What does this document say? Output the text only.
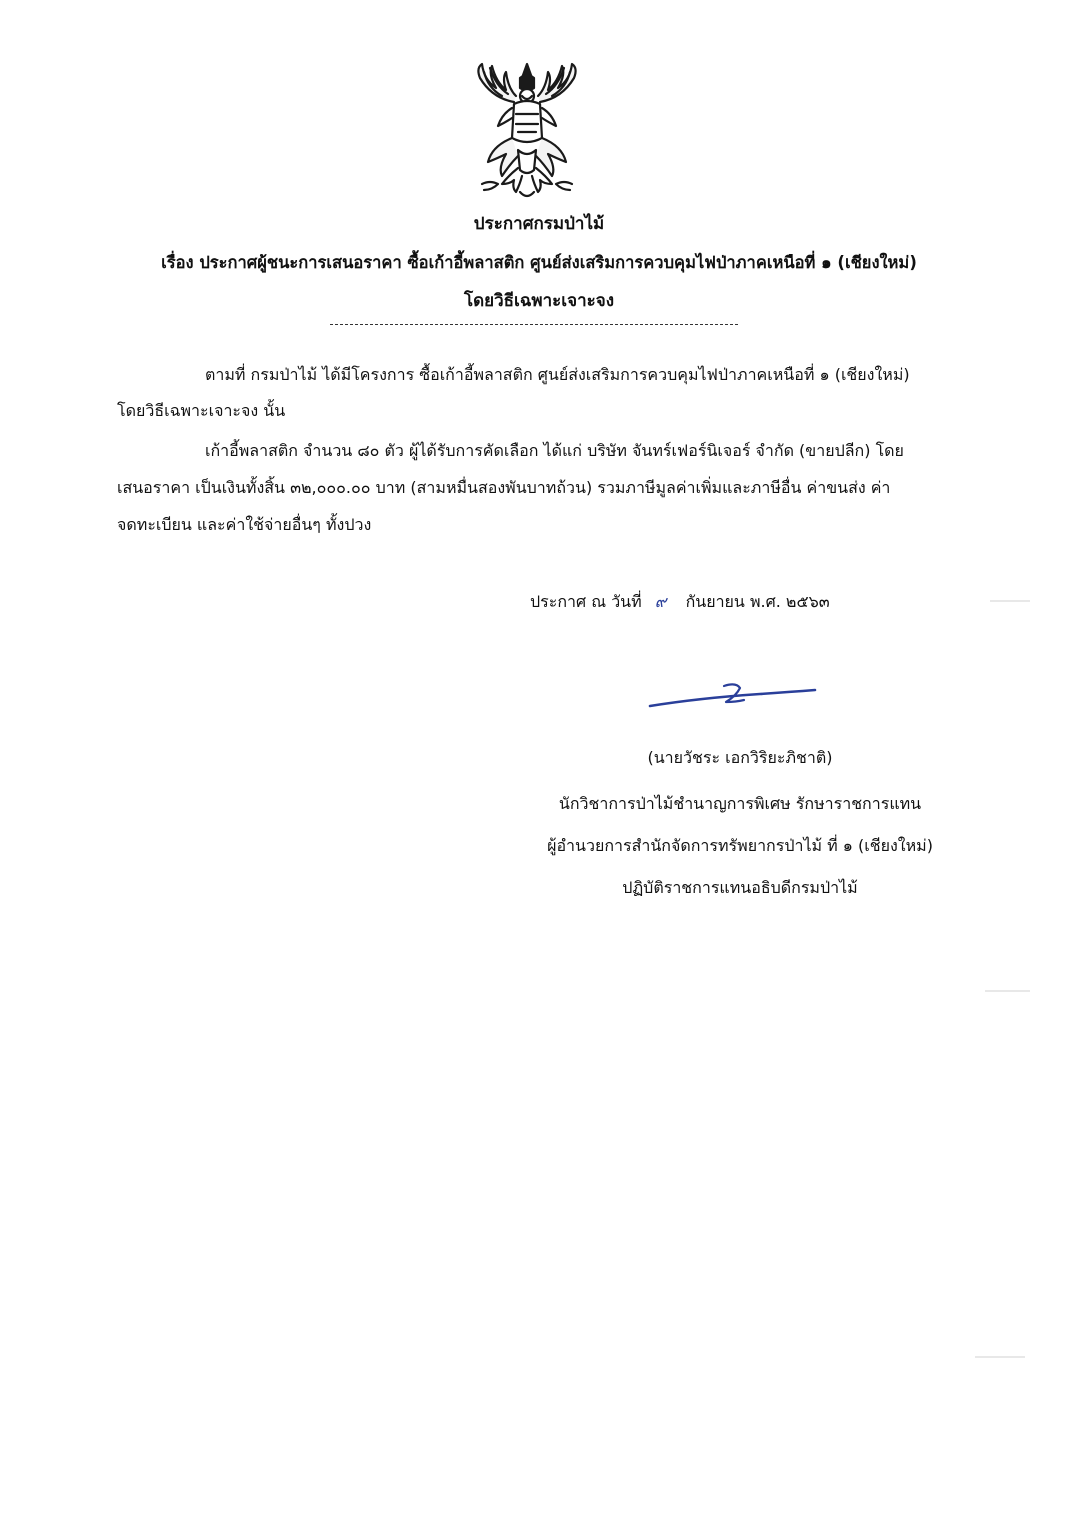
ประกาศกรมป่าไม้
เรื่อง ประกาศผู้ชนะการเสนอราคา ซื้อเก้าอี้พลาสติก ศูนย์ส่งเสริมการควบคุมไฟป่าภาคเหนือที่ ๑ (เชียงใหม่)
โดยวิธีเฉพาะเจาะจง
ตามที่ กรมป่าไม้ ได้มีโครงการ ซื้อเก้าอี้พลาสติก ศูนย์ส่งเสริมการควบคุมไฟป่าภาคเหนือที่ ๑ (เชียงใหม่)
โดยวิธีเฉพาะเจาะจง นั้น
เก้าอี้พลาสติก จำนวน ๘๐ ตัว ผู้ได้รับการคัดเลือก ได้แก่ บริษัท จันทร์เฟอร์นิเจอร์ จำกัด (ขายปลีก) โดย
เสนอราคา เป็นเงินทั้งสิ้น ๓๒,๐๐๐.๐๐ บาท (สามหมื่นสองพันบาทถ้วน) รวมภาษีมูลค่าเพิ่มและภาษีอื่น ค่าขนส่ง ค่า
จดทะเบียน และค่าใช้จ่ายอื่นๆ ทั้งปวง
ประกาศ ณ วันที่ ๙ กันยายน พ.ศ. ๒๕๖๓
(นายวัชระ เอกวิริยะภิชาติ)
นักวิชาการป่าไม้ชำนาญการพิเศษ รักษาราชการแทน
ผู้อำนวยการสำนักจัดการทรัพยากรป่าไม้ ที่ ๑ (เชียงใหม่)
ปฏิบัติราชการแทนอธิบดีกรมป่าไม้
